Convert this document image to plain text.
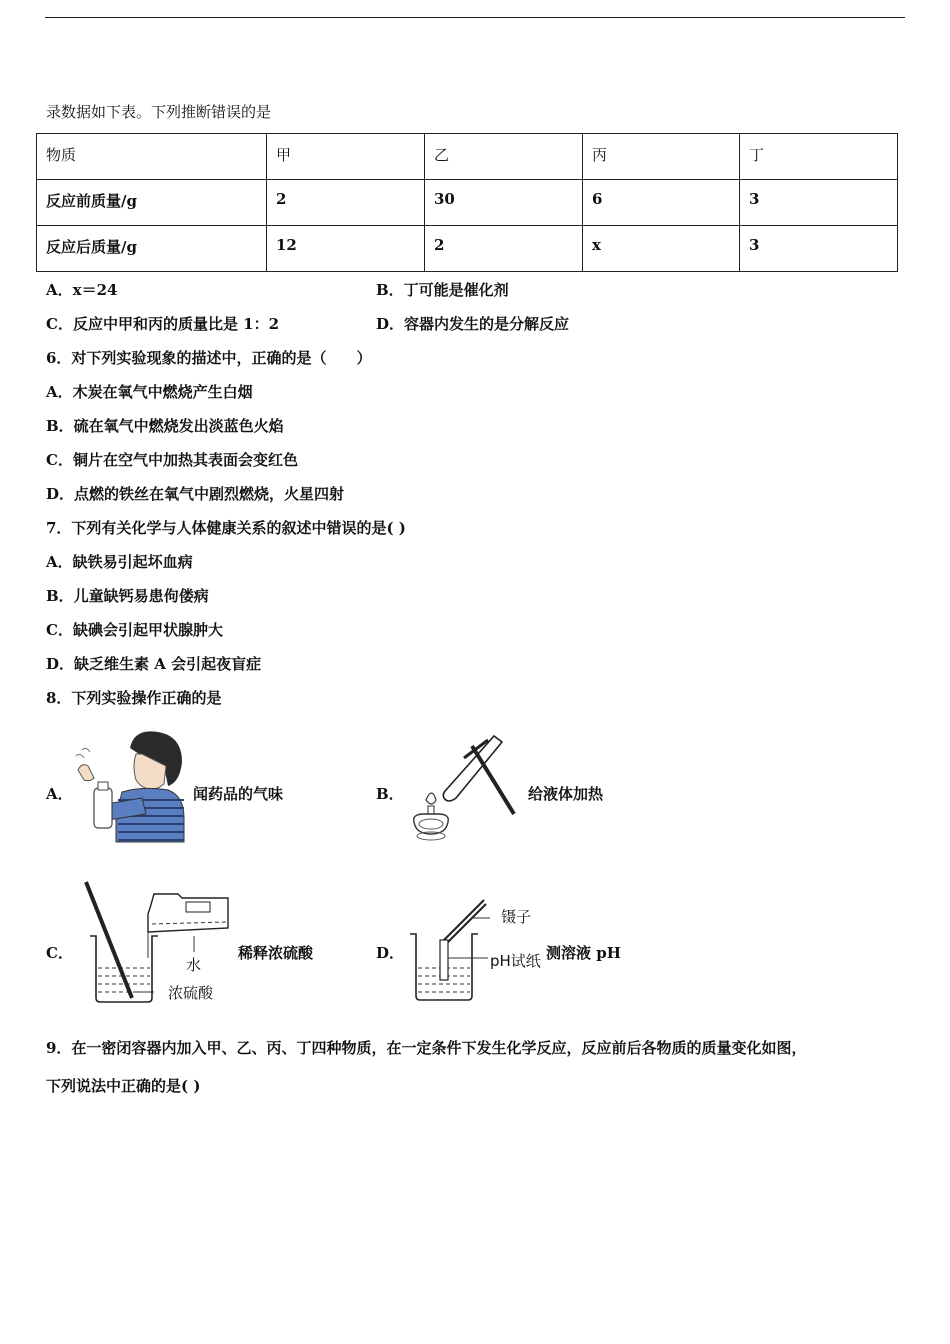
录数据如下表。下列推断错误的是
物质	甲	乙	丙	丁
反应前质量/g	2	30	6	3
反应后质量/g	12	2	x	3
A．x＝24	B．丁可能是催化剂
C．反应中甲和丙的质量比是 1：2	D．容器内发生的是分解反应
6．对下列实验现象的描述中，正确的是（　　）
A．木炭在氧气中燃烧产生白烟
B．硫在氧气中燃烧发出淡蓝色火焰
C．铜片在空气中加热其表面会变红色
D．点燃的铁丝在氧气中剧烈燃烧，火星四射
7．下列有关化学与人体健康关系的叙述中错误的是( )
A．缺铁易引起坏血病
B．儿童缺钙易患佝偻病
C．缺碘会引起甲状腺肿大
D．缺乏维生素 A 会引起夜盲症
8．下列实验操作正确的是
A．	闻药品的气味	B．	给液体加热
C．
水
浓硫酸
稀释浓硫酸	D．
镊子
pH试纸 测溶液 pH
9．在一密闭容器内加入甲、乙、丙、丁四种物质，在一定条件下发生化学反应，反应前后各物质的质量变化如图，
下列说法中正确的是( )
